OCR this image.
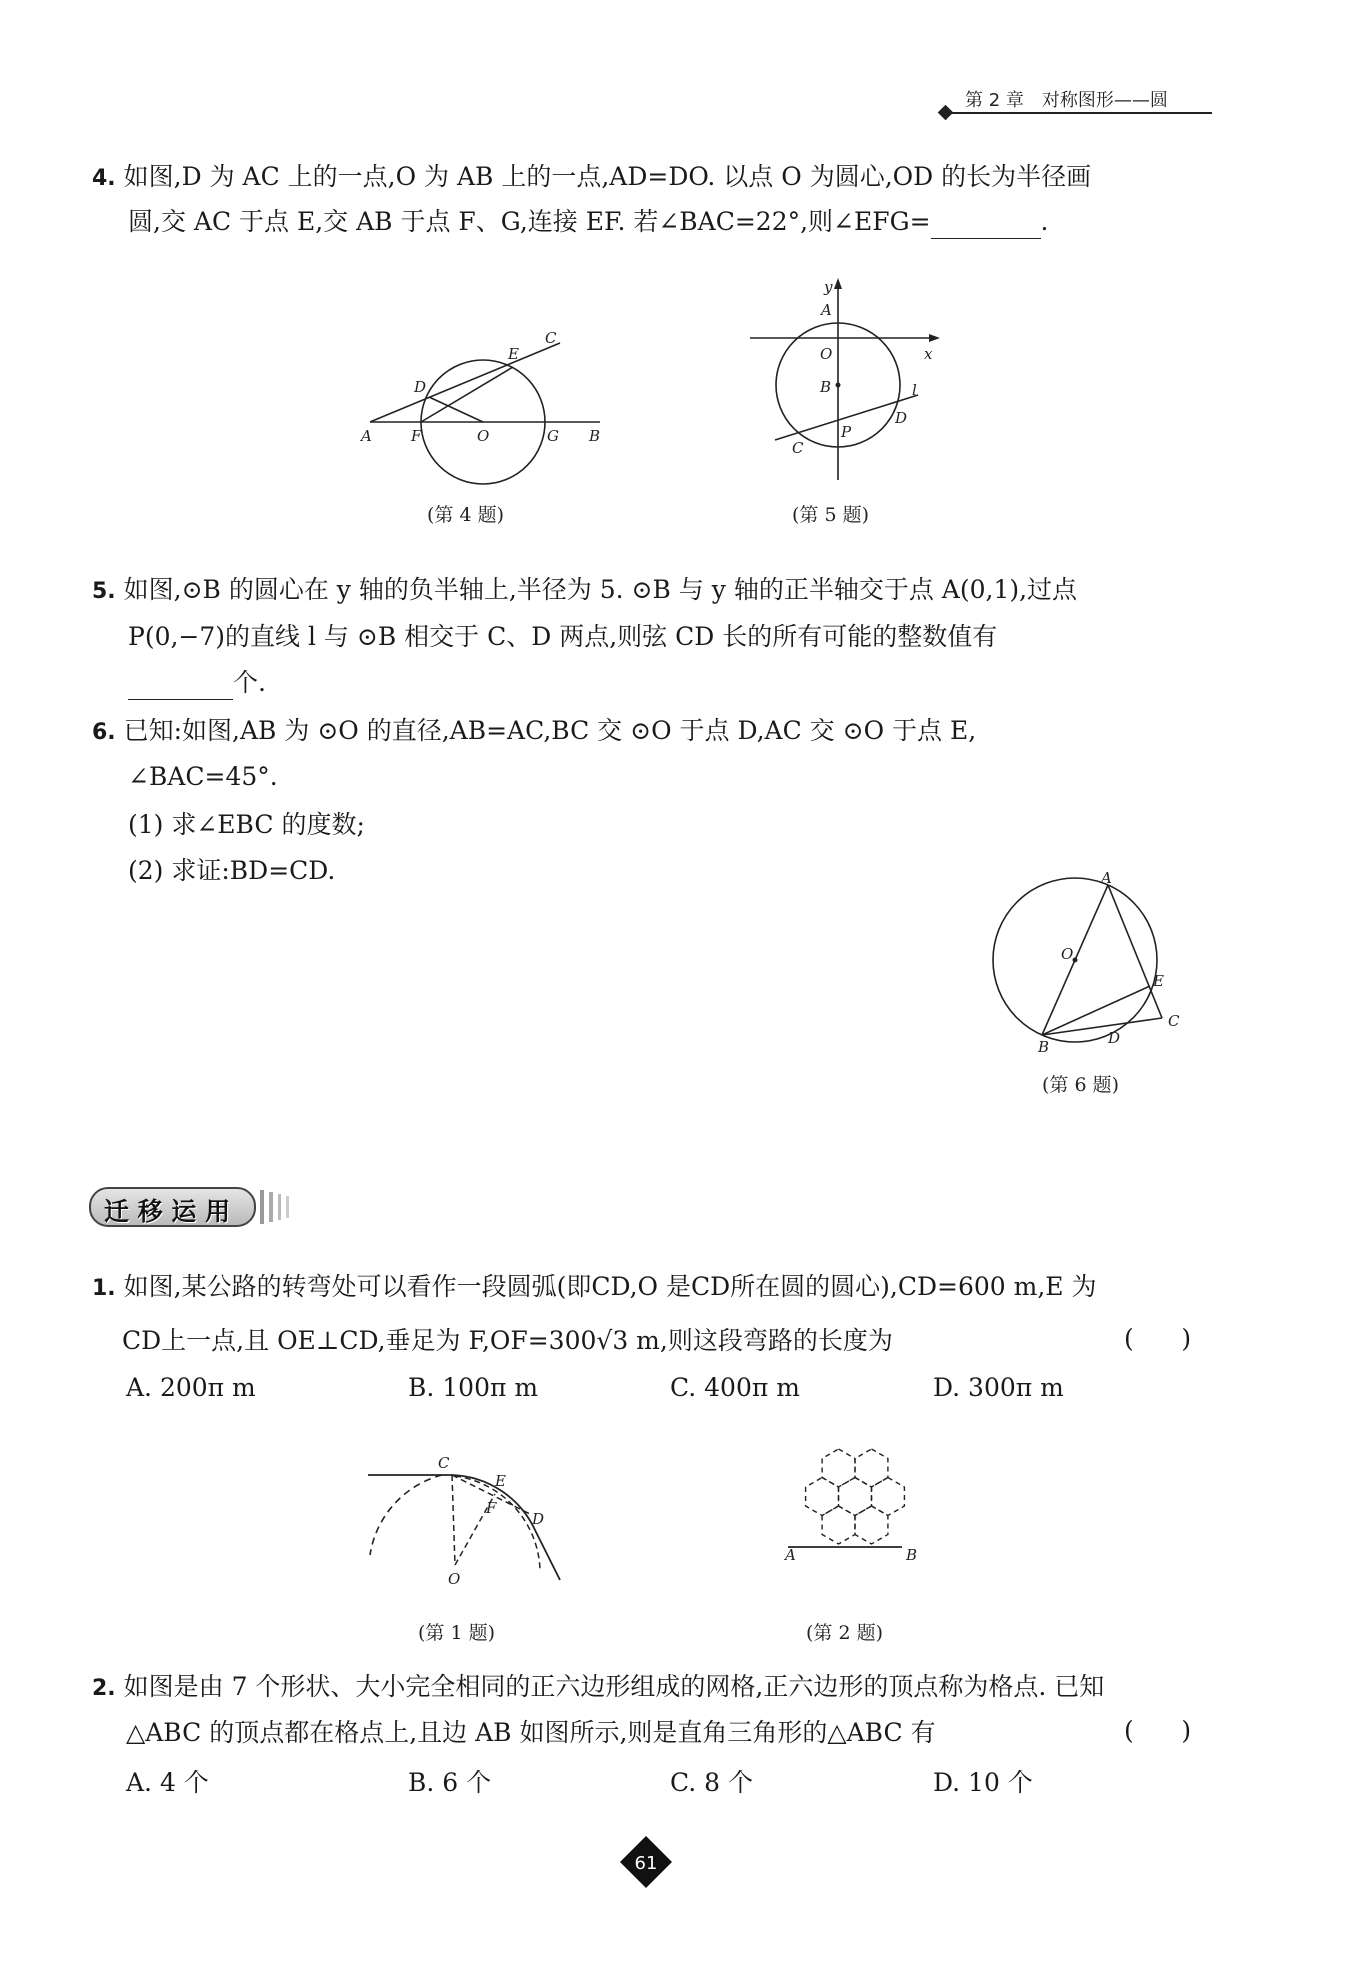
第 2 章　对称图形——圆
4. 如图,D 为 AC 上的一点,O 为 AB 上的一点,AD=DO. 以点 O 为圆心,OD 的长为半径画
圆,交 AC 于点 E,交 AB 于点 F、G,连接 EF. 若∠BAC=22°,则∠EFG=	.
A	F	O	G B
D
E
C
(第 4 题)
y
A
x
O
B	l
D
P
C
(第 5 题)
5. 如图,⊙B 的圆心在 y 轴的负半轴上,半径为 5. ⊙B 与 y 轴的正半轴交于点 A(0,1),过点
P(0,−7)的直线 l 与 ⊙B 相交于 C、D 两点,则弦 CD 长的所有可能的整数值有
个.
6. 已知:如图,AB 为 ⊙O 的直径,AB=AC,BC 交 ⊙O 于点 D,AC 交 ⊙O 于点 E,
∠BAC=45°.
(1) 求∠EBC 的度数;
(2) 求证:BD=CD.	A
O
E
C
B	D
(第 6 题)
迁 移 运 用
1. 如图,某公路的转弯处可以看作一段圆弧(即CD,O 是CD所在圆的圆心),CD=600 m,E 为
CD上一点,且 OE⊥CD,垂足为 F,OF=300√3 m,则这段弯路的长度为	(      )
A. 200π m	B. 100π m	C. 400π m	D. 300π m
C
E
F
D
O
(第 1 题)
A	B
(第 2 题)
2. 如图是由 7 个形状、大小完全相同的正六边形组成的网格,正六边形的顶点称为格点. 已知
△ABC 的顶点都在格点上,且边 AB 如图所示,则是直角三角形的△ABC 有	(      )
A. 4 个	B. 6 个	C. 8 个	D. 10 个
61
